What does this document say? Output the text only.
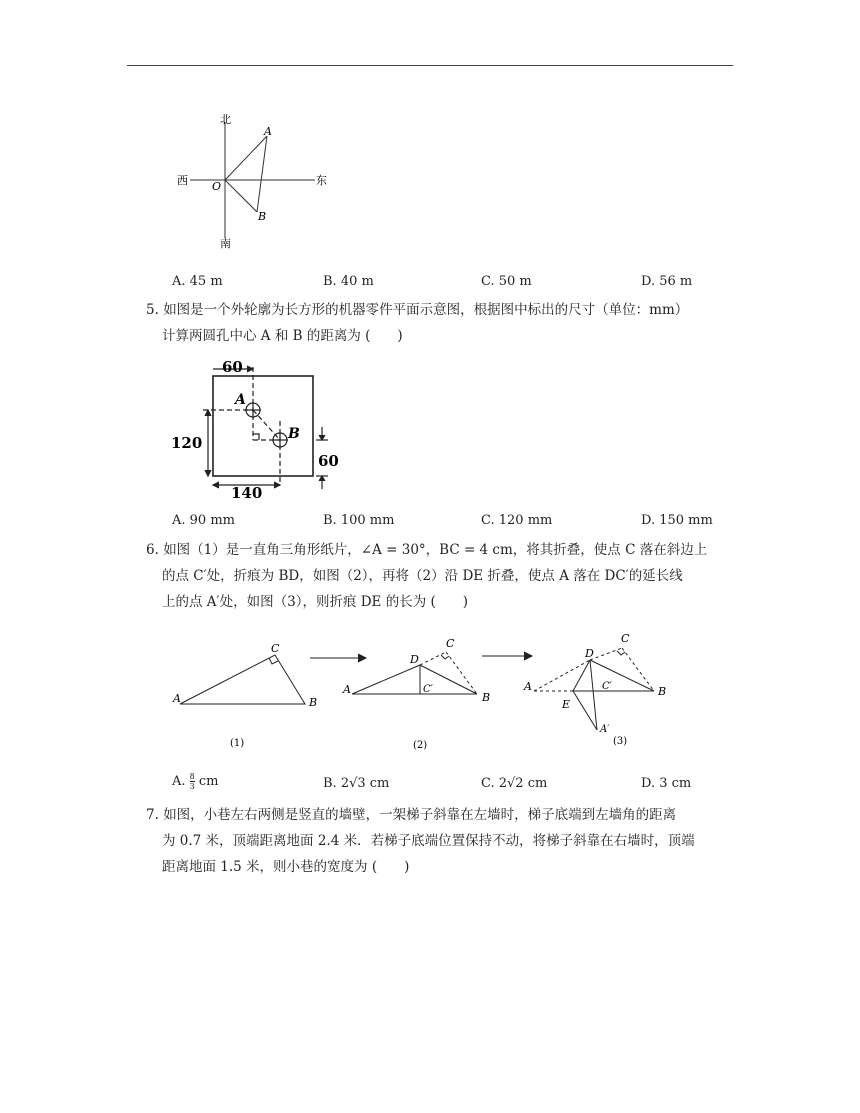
北
南
西	东
O
A
B
A. 45 m	B. 40 m	C. 50 m	D. 56 m
5. 如图是一个外轮廓为长方形的机器零件平面示意图，根据图中标出的尺寸（单位：mm）
计算两圆孔中心 A 和 B 的距离为 (　　)
60
120
140
60
A
B
A. 90 mm	B. 100 mm	C. 120 mm	D. 150 mm
6. 如图（1）是一直角三角形纸片，∠A = 30°，BC = 4 cm，将其折叠，使点 C 落在斜边上
的点 C′处，折痕为 BD，如图（2），再将（2）沿 DE 折叠，使点 A 落在 DC′的延长线
上的点 A′处，如图（3），则折痕 DE 的长为 (　　)
A	B
C
(1)
A
B
C
D
C′
(2)
A	B
C
D
E
C′
A′
(3)
A. $\frac{8}{3}$ cm	B. 2√3 cm	C. 2√2 cm	D. 3 cm
7. 如图，小巷左右两侧是竖直的墙壁，一架梯子斜靠在左墙时，梯子底端到左墙角的距离
为 0.7 米，顶端距离地面 2.4 米．若梯子底端位置保持不动，将梯子斜靠在右墙时，顶端
距离地面 1.5 米，则小巷的宽度为 (　　)
